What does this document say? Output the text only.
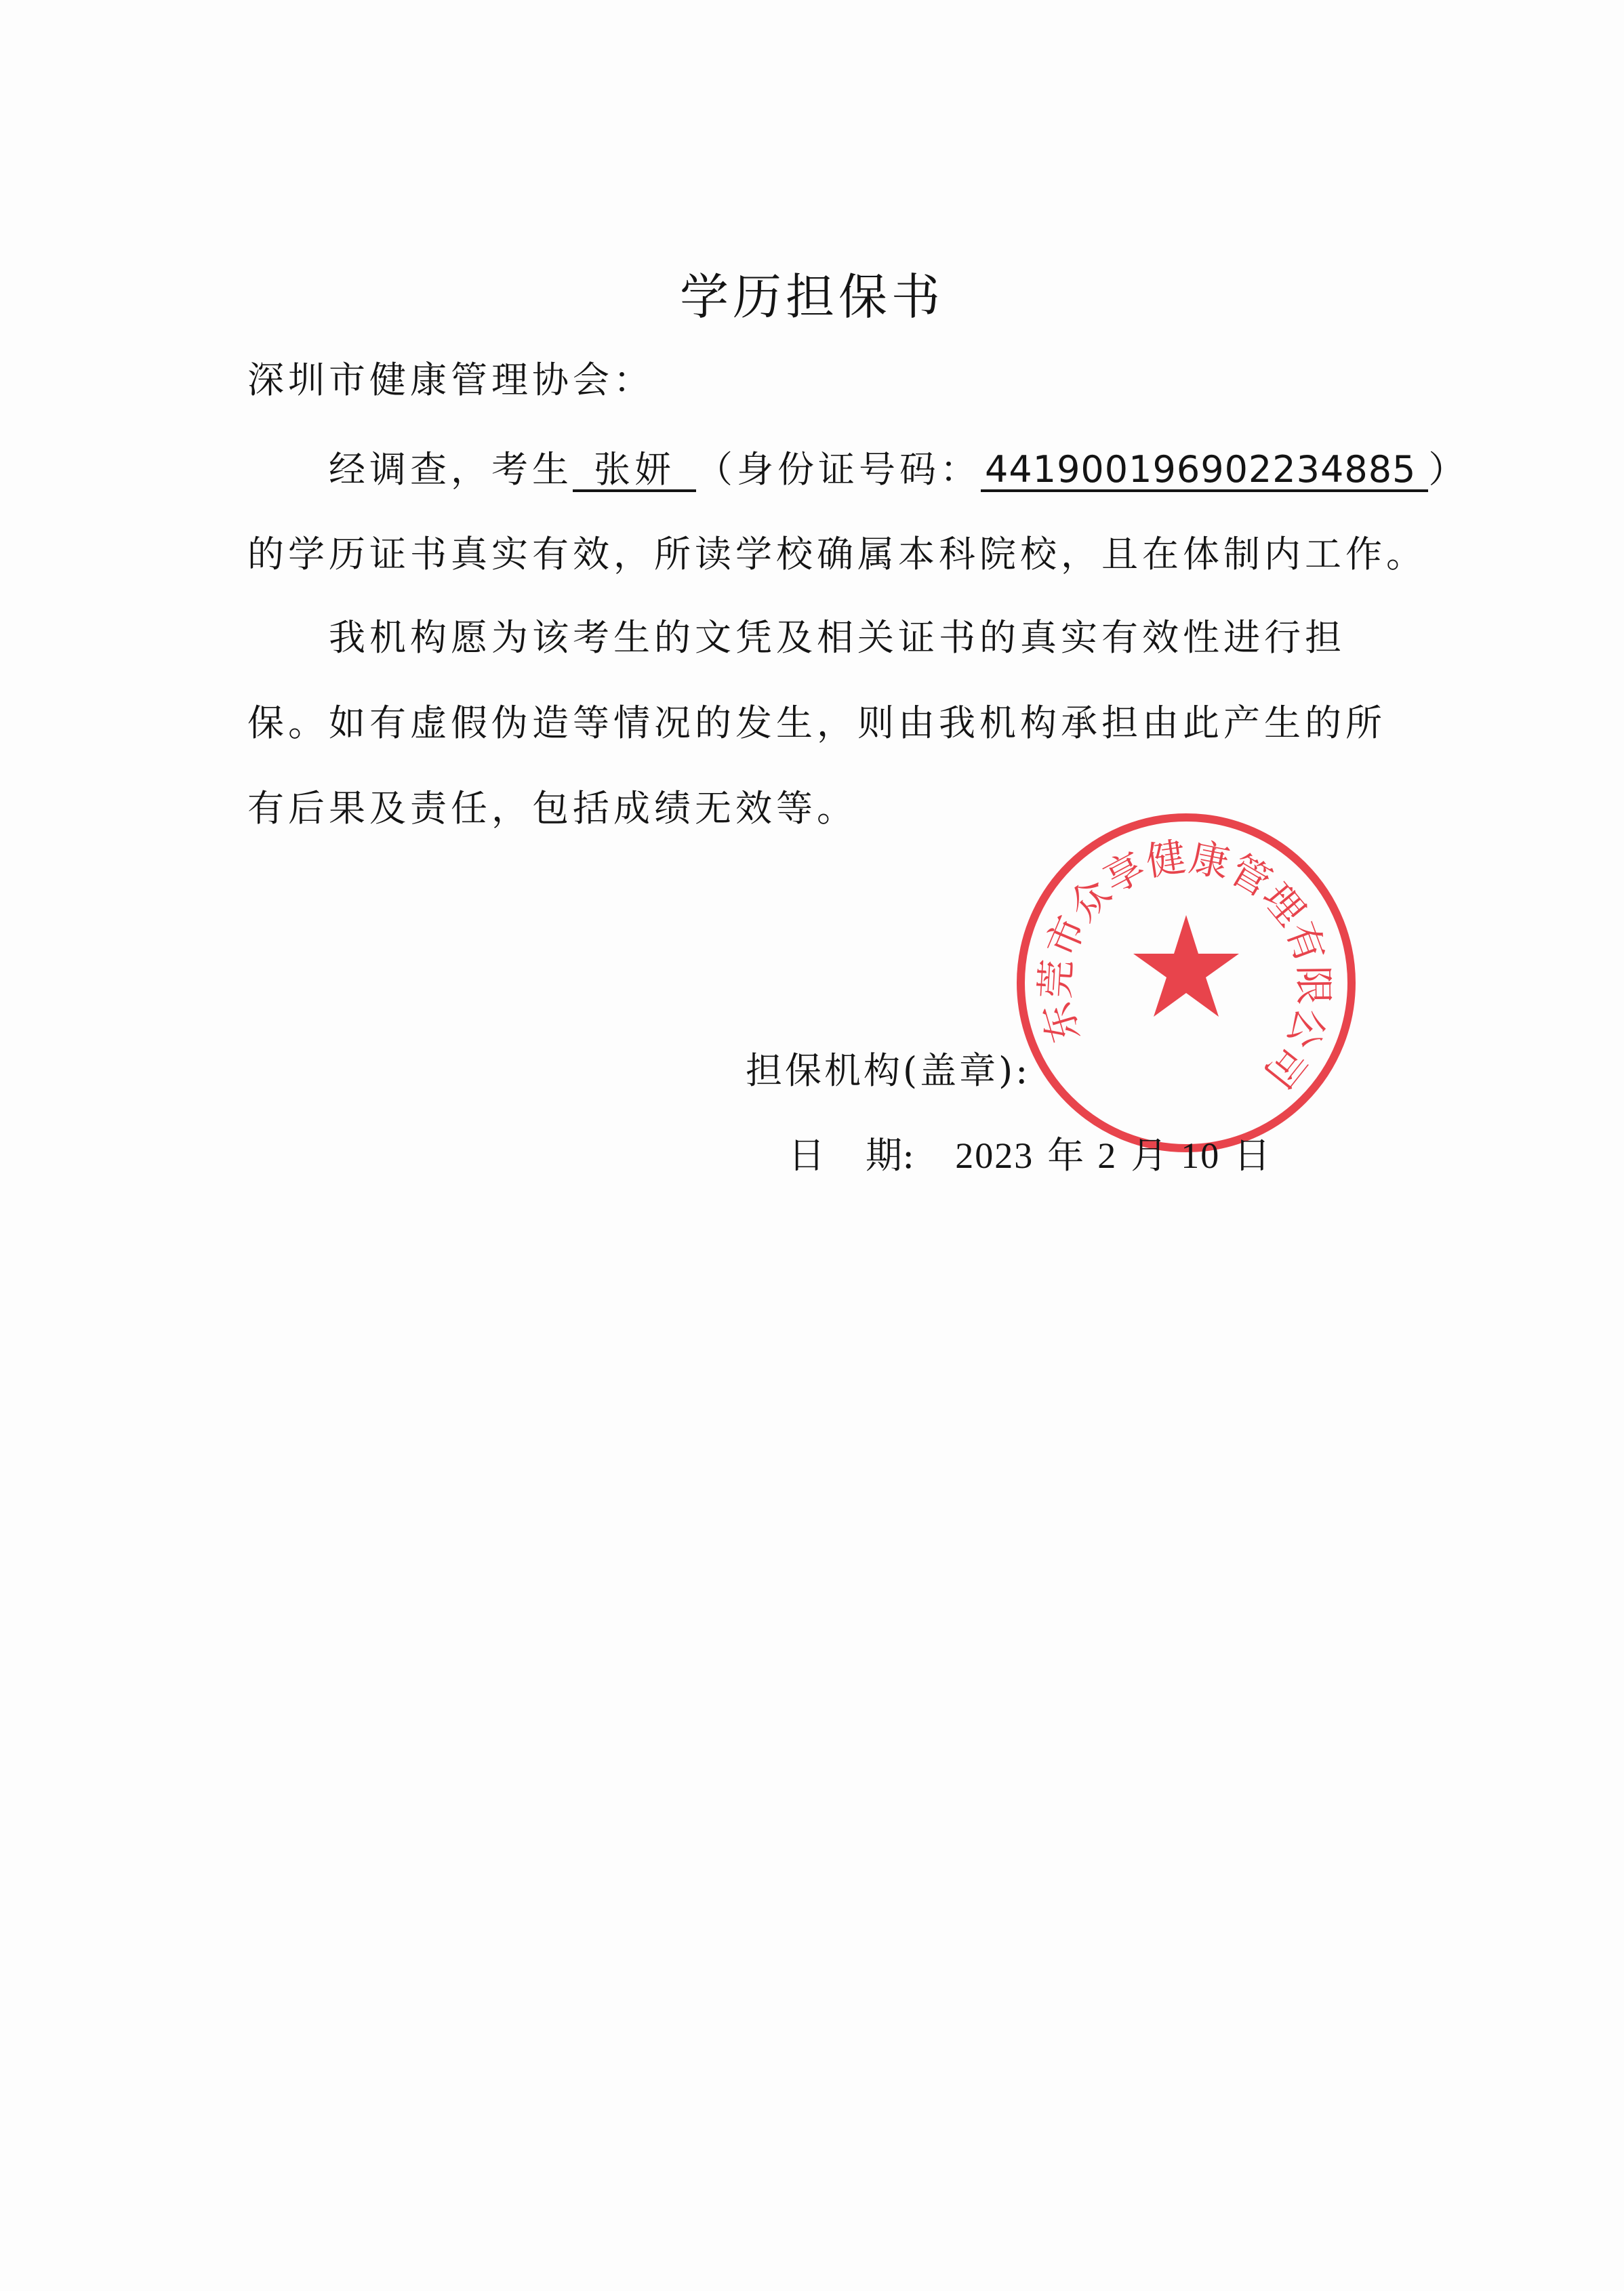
学历担保书
深圳市健康管理协会：
经调查，考生 张妍 （身份证号码： 441900196902234885 ）
的学历证书真实有效，所读学校确属本科院校，且在体制内工作。
我机构愿为该考生的文凭及相关证书的真实有效性进行担
保。如有虚假伪造等情况的发生，则由我机构承担由此产生的所
有后果及责任，包括成绩无效等。
东莞市众享健康管理有限公司
担保机构(盖章):
日 期: 2023 年 2 月 10 日
